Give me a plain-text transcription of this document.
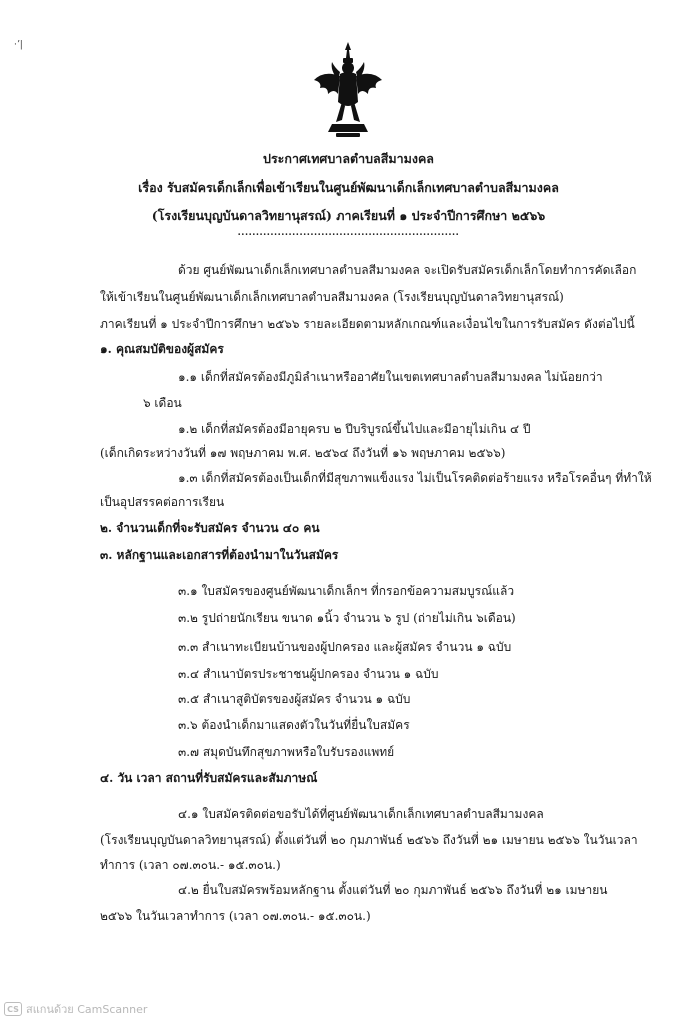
·ʼ|
ประกาศเทศบาลตำบลสีมามงคล
เรื่อง รับสมัครเด็กเล็กเพื่อเข้าเรียนในศูนย์พัฒนาเด็กเล็กเทศบาลตำบลสีมามงคล
(โรงเรียนบุญบันดาลวิทยานุสรณ์) ภาคเรียนที่ ๑ ประจำปีการศึกษา ๒๕๖๖
.............................................................
ด้วย ศูนย์พัฒนาเด็กเล็กเทศบาลตำบลสีมามงคล จะเปิดรับสมัครเด็กเล็กโดยทำการคัดเลือก
ให้เข้าเรียนในศูนย์พัฒนาเด็กเล็กเทศบาลตำบลสีมามงคล (โรงเรียนบุญบันดาลวิทยานุสรณ์)
ภาคเรียนที่ ๑ ประจำปีการศึกษา ๒๕๖๖ รายละเอียดตามหลักเกณฑ์และเงื่อนไขในการรับสมัคร ดังต่อไปนี้
๑. คุณสมบัติของผู้สมัคร
๑.๑ เด็กที่สมัครต้องมีภูมิลำเนาหรืออาศัยในเขตเทศบาลตำบลสีมามงคล ไม่น้อยกว่า
๖ เดือน
๑.๒ เด็กที่สมัครต้องมีอายุครบ ๒ ปีบริบูรณ์ขึ้นไปและมีอายุไม่เกิน ๔ ปี
(เด็กเกิดระหว่างวันที่ ๑๗ พฤษภาคม พ.ศ. ๒๕๖๔ ถึงวันที่ ๑๖ พฤษภาคม ๒๕๖๖)
๑.๓ เด็กที่สมัครต้องเป็นเด็กที่มีสุขภาพแข็งแรง ไม่เป็นโรคติดต่อร้ายแรง หรือโรคอื่นๆ ที่ทำให้
เป็นอุปสรรคต่อการเรียน
๒. จำนวนเด็กที่จะรับสมัคร จำนวน ๔๐ คน
๓. หลักฐานและเอกสารที่ต้องนำมาในวันสมัคร
๓.๑ ใบสมัครของศูนย์พัฒนาเด็กเล็กฯ ที่กรอกข้อความสมบูรณ์แล้ว
๓.๒ รูปถ่ายนักเรียน ขนาด ๑นิ้ว จำนวน ๖ รูป (ถ่ายไม่เกิน ๖เดือน)
๓.๓ สำเนาทะเบียนบ้านของผู้ปกครอง และผู้สมัคร จำนวน ๑ ฉบับ
๓.๔ สำเนาบัตรประชาชนผู้ปกครอง จำนวน ๑ ฉบับ
๓.๕ สำเนาสูติบัตรของผู้สมัคร จำนวน ๑ ฉบับ
๓.๖ ต้องนำเด็กมาแสดงตัวในวันที่ยื่นใบสมัคร
๓.๗ สมุดบันทึกสุขภาพหรือใบรับรองแพทย์
๔. วัน เวลา สถานที่รับสมัครและสัมภาษณ์
๔.๑ ใบสมัครติดต่อขอรับได้ที่ศูนย์พัฒนาเด็กเล็กเทศบาลตำบลสีมามงคล
(โรงเรียนบุญบันดาลวิทยานุสรณ์) ตั้งแต่วันที่ ๒๐ กุมภาพันธ์ ๒๕๖๖ ถึงวันที่ ๒๑ เมษายน ๒๕๖๖ ในวันเวลา
ทำการ (เวลา ๐๗.๓๐น.- ๑๕.๓๐น.)
๔.๒ ยื่นใบสมัครพร้อมหลักฐาน ตั้งแต่วันที่ ๒๐ กุมภาพันธ์ ๒๕๖๖ ถึงวันที่ ๒๑ เมษายน
๒๕๖๖ ในวันเวลาทำการ (เวลา ๐๗.๓๐น.- ๑๕.๓๐น.)
CS สแกนด้วย CamScanner
